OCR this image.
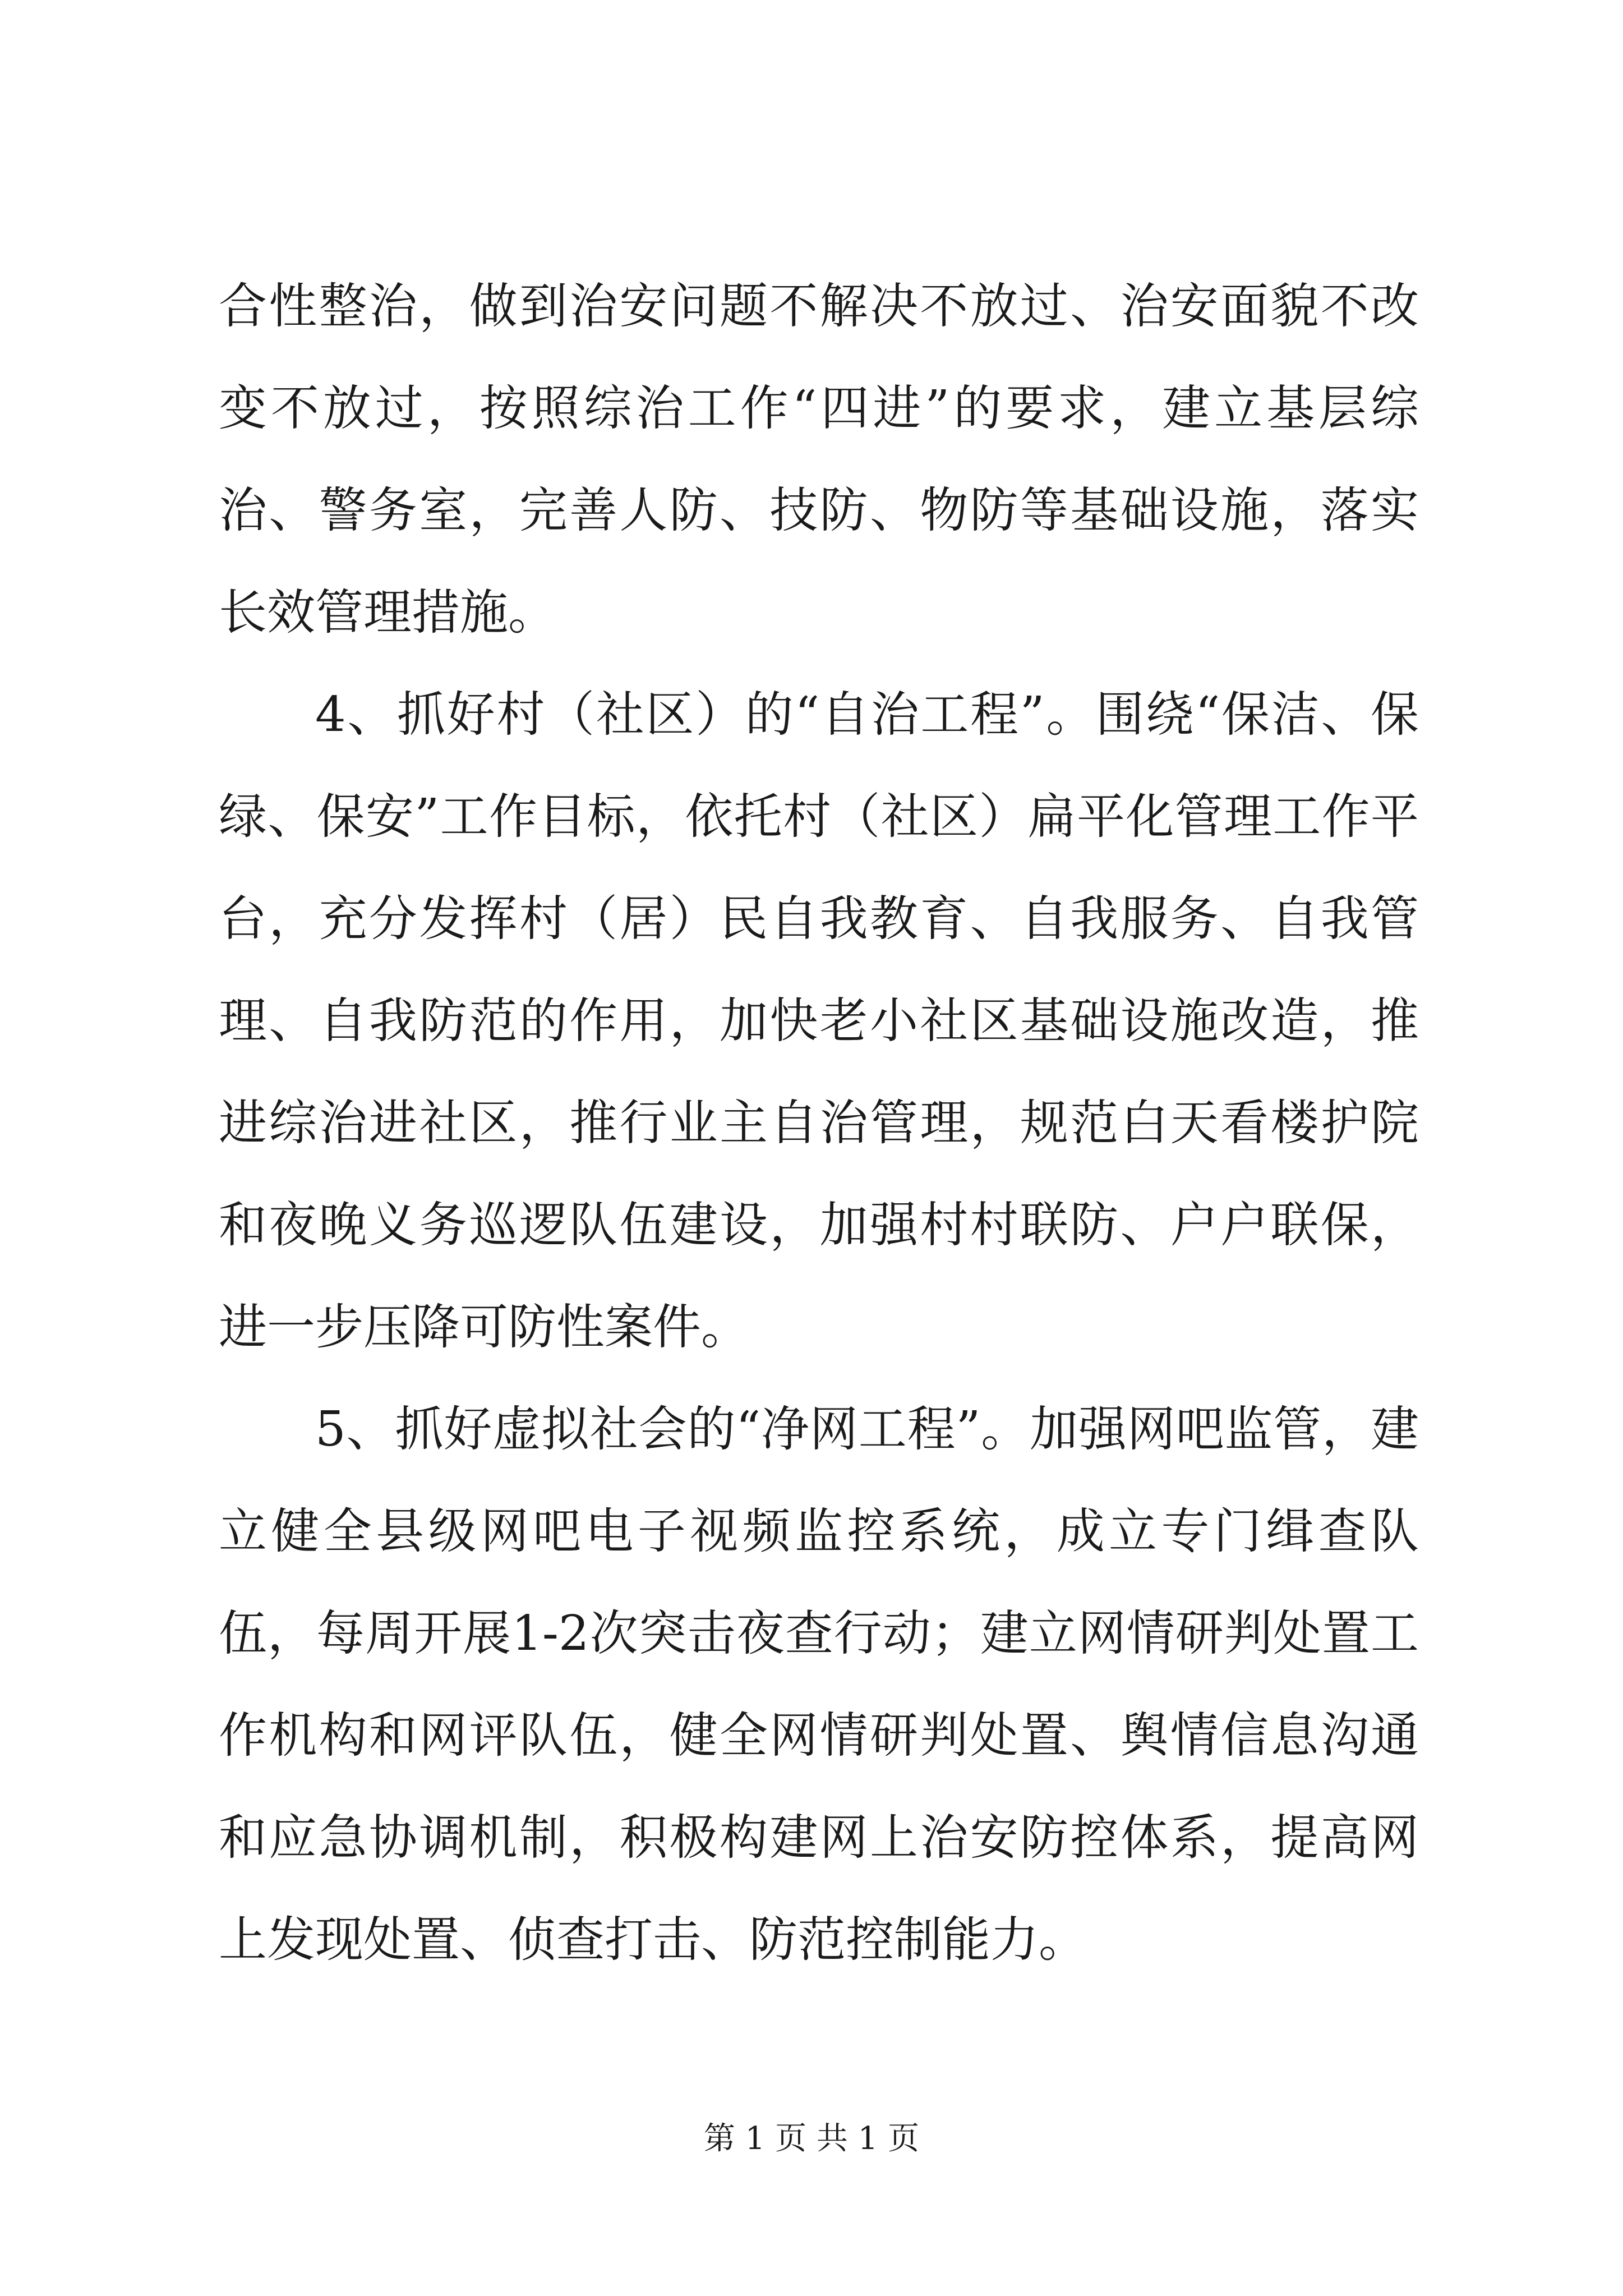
合性整治，做到治安问题不解决不放过、治安面貌不改变不放过，按照综治工作“四进”的要求，建立基层综治、警务室，完善人防、技防、物防等基础设施，落实长效管理措施。

4、抓好村（社区）的“自治工程”。围绕“保洁、保绿、保安”工作目标，依托村（社区）扁平化管理工作平台，充分发挥村（居）民自我教育、自我服务、自我管理、自我防范的作用，加快老小社区基础设施改造，推进综治进社区，推行业主自治管理，规范白天看楼护院和夜晚义务巡逻队伍建设，加强村村联防、户户联保，进一步压降可防性案件。

5、抓好虚拟社会的“净网工程”。加强网吧监管，建立健全县级网吧电子视频监控系统，成立专门缉查队伍，每周开展1-2次突击夜查行动；建立网情研判处置工作机构和网评队伍，健全网情研判处置、舆情信息沟通和应急协调机制，积极构建网上治安防控体系，提高网上发现处置、侦查打击、防范控制能力。

第 1 页 共 1 页
